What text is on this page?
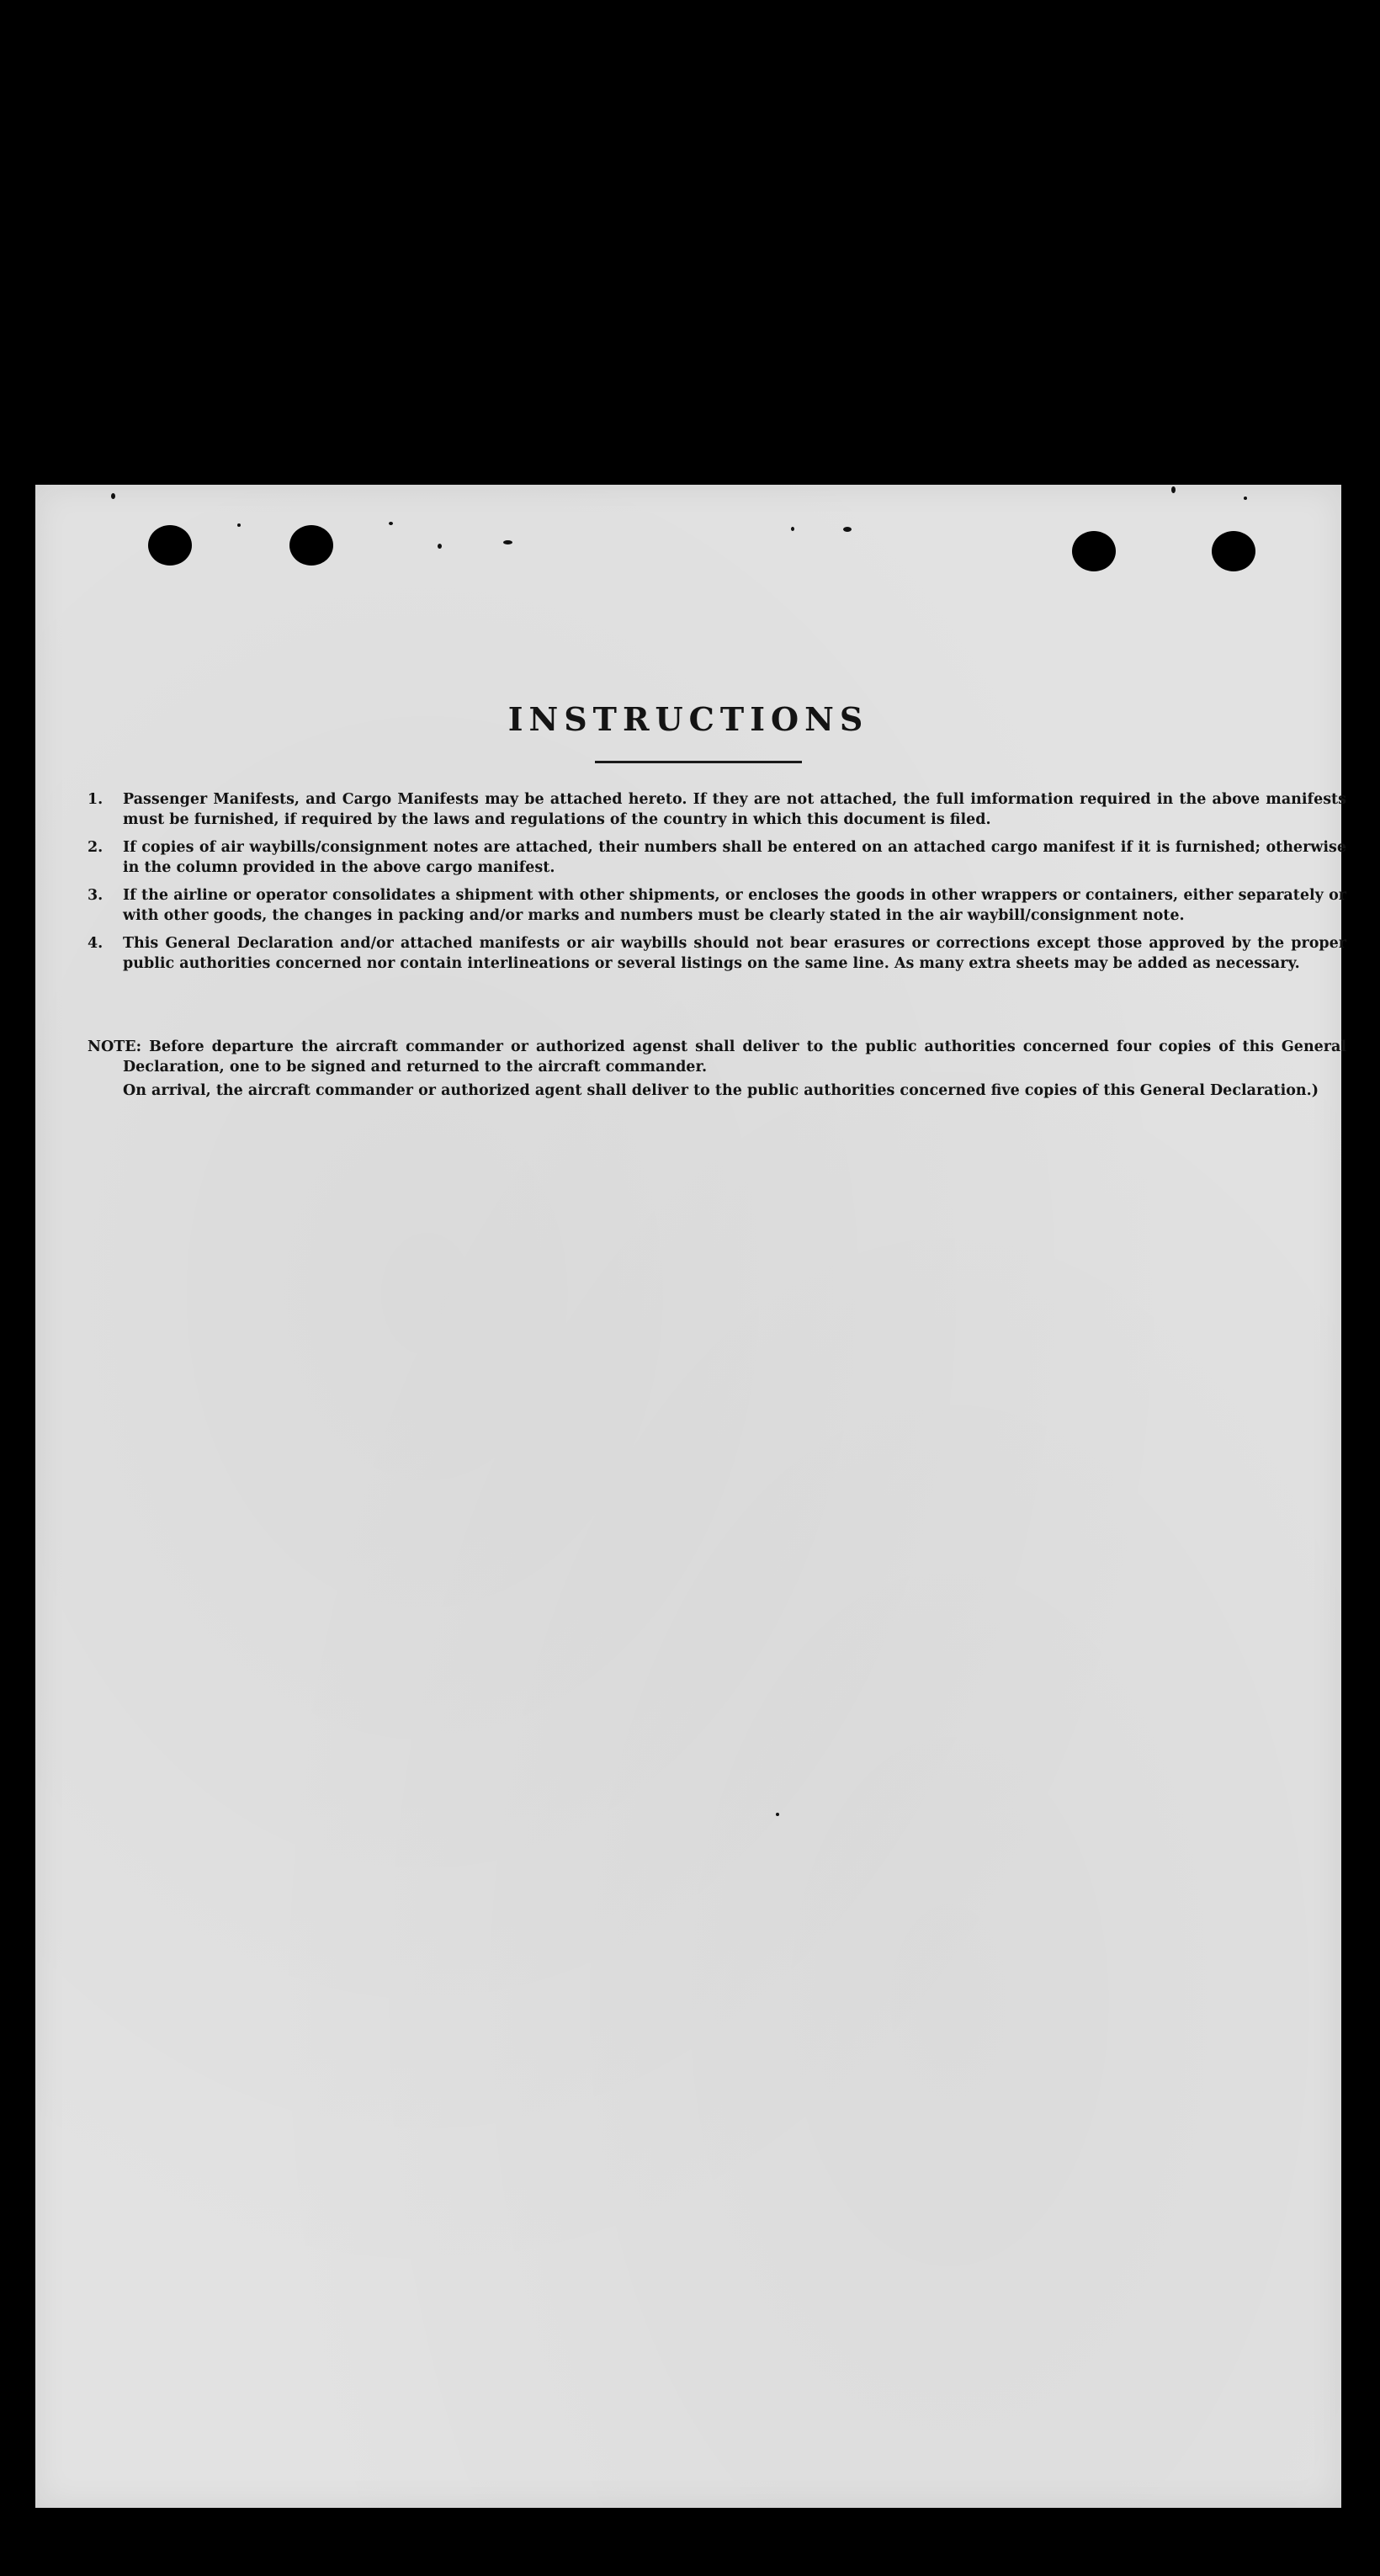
INSTRUCTIONS
1. Passenger Manifests, and Cargo Manifests may be attached hereto. If they are not attached, the full imformation required in the above manifests must be furnished, if required by the laws and regulations of the country in which this document is filed.
2. If copies of air waybills/consignment notes are attached, their numbers shall be entered on an attached cargo manifest if it is furnished; otherwise in the column provided in the above cargo manifest.
3. If the airline or operator consolidates a shipment with other shipments, or encloses the goods in other wrappers or containers, either separately or with other goods, the changes in packing and/or marks and numbers must be clearly stated in the air waybill/consignment note.
4. This General Declaration and/or attached manifests or air waybills should not bear erasures or corrections except those approved by the proper public authorities concerned nor contain interlineations or several listings on the same line. As many extra sheets may be added as necessary.

NOTE: Before departure the aircraft commander or authorized agenst shall deliver to the public authorities concerned four copies of this General Declaration, one to be signed and returned to the aircraft commander.

On arrival, the aircraft commander or authorized agent shall deliver to the public authorities concerned five copies of this General Declaration.)
